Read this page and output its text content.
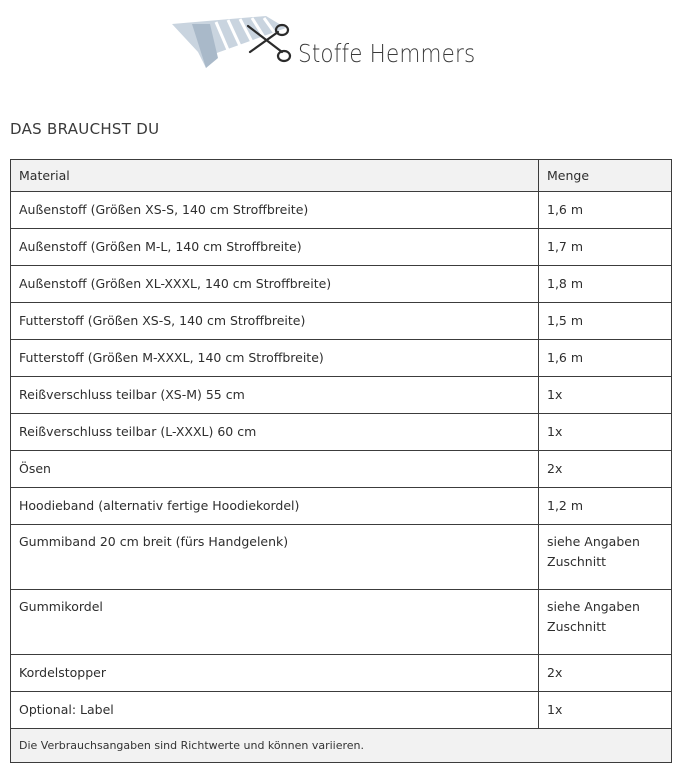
Stoffe Hemmers
DAS BRAUCHST DU
Material	Menge
Außenstoff (Größen XS-S, 140 cm Stroffbreite)	1,6 m
Außenstoff (Größen M-L, 140 cm Stroffbreite)	1,7 m
Außenstoff (Größen XL-XXXL, 140 cm Stroffbreite)	1,8 m
Futterstoff (Größen XS-S, 140 cm Stroffbreite)	1,5 m
Futterstoff (Größen M-XXXL, 140 cm Stroffbreite)	1,6 m
Reißverschluss teilbar (XS-M) 55 cm	1x
Reißverschluss teilbar (L-XXXL) 60 cm	1x
Ösen	2x
Hoodieband (alternativ fertige Hoodiekordel)	1,2 m
Gummiband 20 cm breit (fürs Handgelenk)	siehe Angaben Zuschnitt
Gummikordel	siehe Angaben Zuschnitt
Kordelstopper	2x
Optional: Label	1x
Die Verbrauchsangaben sind Richtwerte und können variieren.	
